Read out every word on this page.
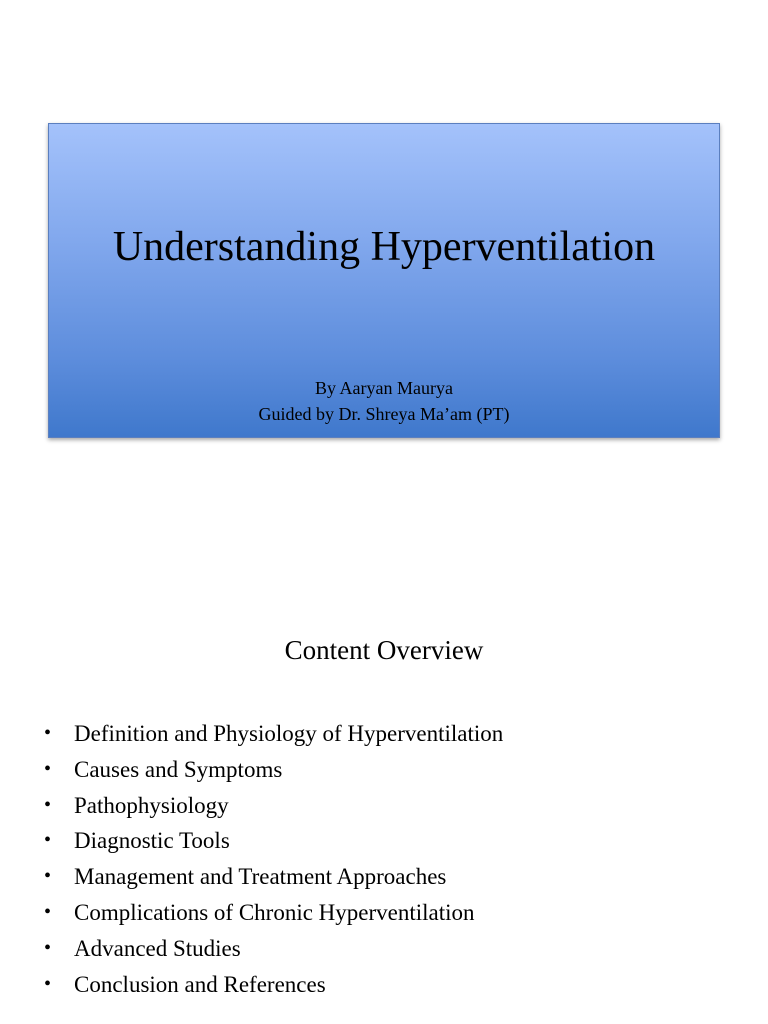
Understanding Hyperventilation
By Aaryan Maurya
Guided by Dr. Shreya Ma’am (PT)
Content Overview
• Definition and Physiology of Hyperventilation
• Causes and Symptoms
• Pathophysiology
• Diagnostic Tools
• Management and Treatment Approaches
• Complications of Chronic Hyperventilation
• Advanced Studies
• Conclusion and References
